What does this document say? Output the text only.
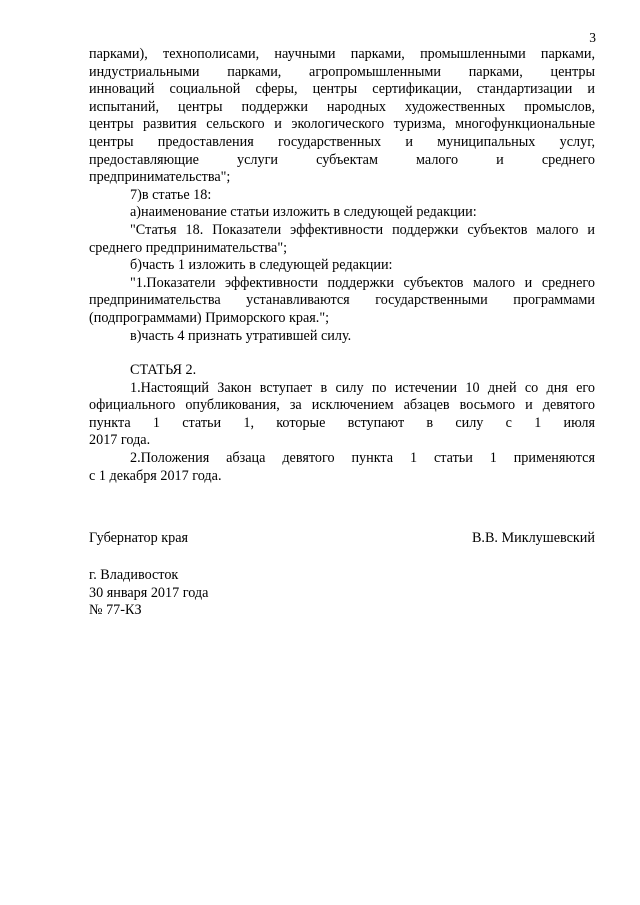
3
парками), технополисами, научными парками, промышленными парками,
индустриальными парками, агропромышленными парками, центры
инноваций социальной сферы, центры сертификации, стандартизации и
испытаний, центры поддержки народных художественных промыслов,
центры развития сельского и экологического туризма, многофункциональные
центры предоставления государственных и муниципальных услуг,
предоставляющие услуги субъектам малого и среднего
предпринимательства";
7)в статье 18:
а)наименование статьи изложить в следующей редакции:
"Статья 18. Показатели эффективности поддержки субъектов малого и
среднего предпринимательства";
б)часть 1 изложить в следующей редакции:
"1.Показатели эффективности поддержки субъектов малого и среднего
предпринимательства устанавливаются государственными программами
(подпрограммами) Приморского края.";
в)часть 4 признать утратившей силу.
СТАТЬЯ 2.
1.Настоящий Закон вступает в силу по истечении 10 дней со дня его
официального опубликования, за исключением абзацев восьмого и девятого
пункта 1 статьи 1, которые вступают в силу с 1 июля
2017 года.
2.Положения абзаца девятого пункта 1 статьи 1 применяются
с 1 декабря 2017 года.
Губернатор края	В.В. Миклушевский
г. Владивосток
30 января 2017 года
№ 77-КЗ
